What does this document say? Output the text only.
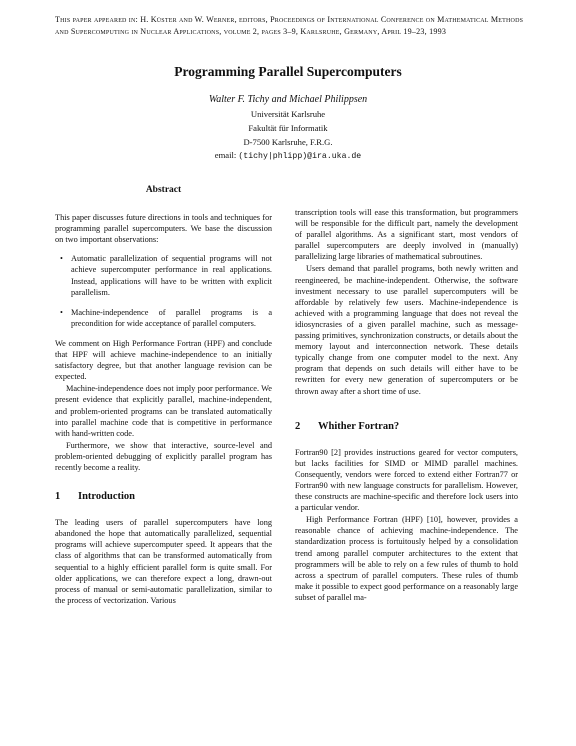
This paper appeared in: H. Küster and W. Werner, editors, Proceedings of International Conference on Mathematical Methods and Supercomputing in Nuclear Applications, volume 2, pages 3–9, Karlsruhe, Germany, April 19–23, 1993
Programming Parallel Supercomputers
Walter F. Tichy and Michael Philippsen
Universität Karlsruhe
Fakultät für Informatik
D-7500 Karlsruhe, F.R.G.
email: (tichy|phlipp)@ira.uka.de
Abstract

This paper discusses future directions in tools and techniques for programming parallel supercomputers. We base the discussion on two important observations:

• Automatic parallelization of sequential programs will not achieve supercomputer performance in real applications. Instead, applications will have to be written with explicit parallelism.
• Machine-independence of parallel programs is a precondition for wide acceptance of parallel computers.

We comment on High Performance Fortran (HPF) and conclude that HPF will achieve machine-independence to an initially satisfactory degree, but that another language revision can be expected.

Machine-independence does not imply poor performance. We present evidence that explicitly parallel, machine-independent, and problem-oriented programs can be translated automatically into parallel machine code that is competitive in performance with hand-written code.

Furthermore, we show that interactive, source-level and problem-oriented debugging of explicitly parallel program has recently become a reality.

1 Introduction

The leading users of parallel supercomputers have long abandoned the hope that automatically parallelized, sequential programs will achieve supercomputer speed. It appears that the class of algorithms that can be transformed automatically from sequential to a highly efficient parallel form is quite small. For older applications, we can therefore expect a long, drawn-out process of manual or semi-automatic parallelization, similar to the process of vectorization. Various

transcription tools will ease this transformation, but programmers will be responsible for the difficult part, namely the development of parallel algorithms. As a significant start, most vendors of parallel supercomputers are deeply involved in (manually) parallelizing large libraries of mathematical subroutines.

Users demand that parallel programs, both newly written and reengineered, be machine-independent. Otherwise, the software investment necessary to use parallel supercomputers will be affordable by relatively few users. Machine-independence is achieved with a programming language that does not reveal the idiosyncrasies of a given parallel machine, such as message-passing primitives, synchronization constructs, or details about the memory layout and interconnection network. These details typically change from one computer model to the next. Any program that depends on such details will either have to be rewritten for every new generation of supercomputers or be thrown away after a short time of use.

2 Whither Fortran?

Fortran90 [2] provides instructions geared for vector computers, but lacks facilities for SIMD or MIMD parallel machines. Consequently, vendors were forced to extend either Fortran77 or Fortran90 with new language constructs for parallelism. However, these constructs are machine-specific and therefore lock users into a particular vendor.

High Performance Fortran (HPF) [10], however, provides a reasonable chance of achieving machine-independence. The standardization process is fortuitously helped by a consolidation trend among parallel computer architectures to the extent that programmers will be able to rely on a few rules of thumb to hold across a spectrum of parallel computers. These rules of thumb make it possible to expect good performance on a reasonably large subset of parallel ma-
